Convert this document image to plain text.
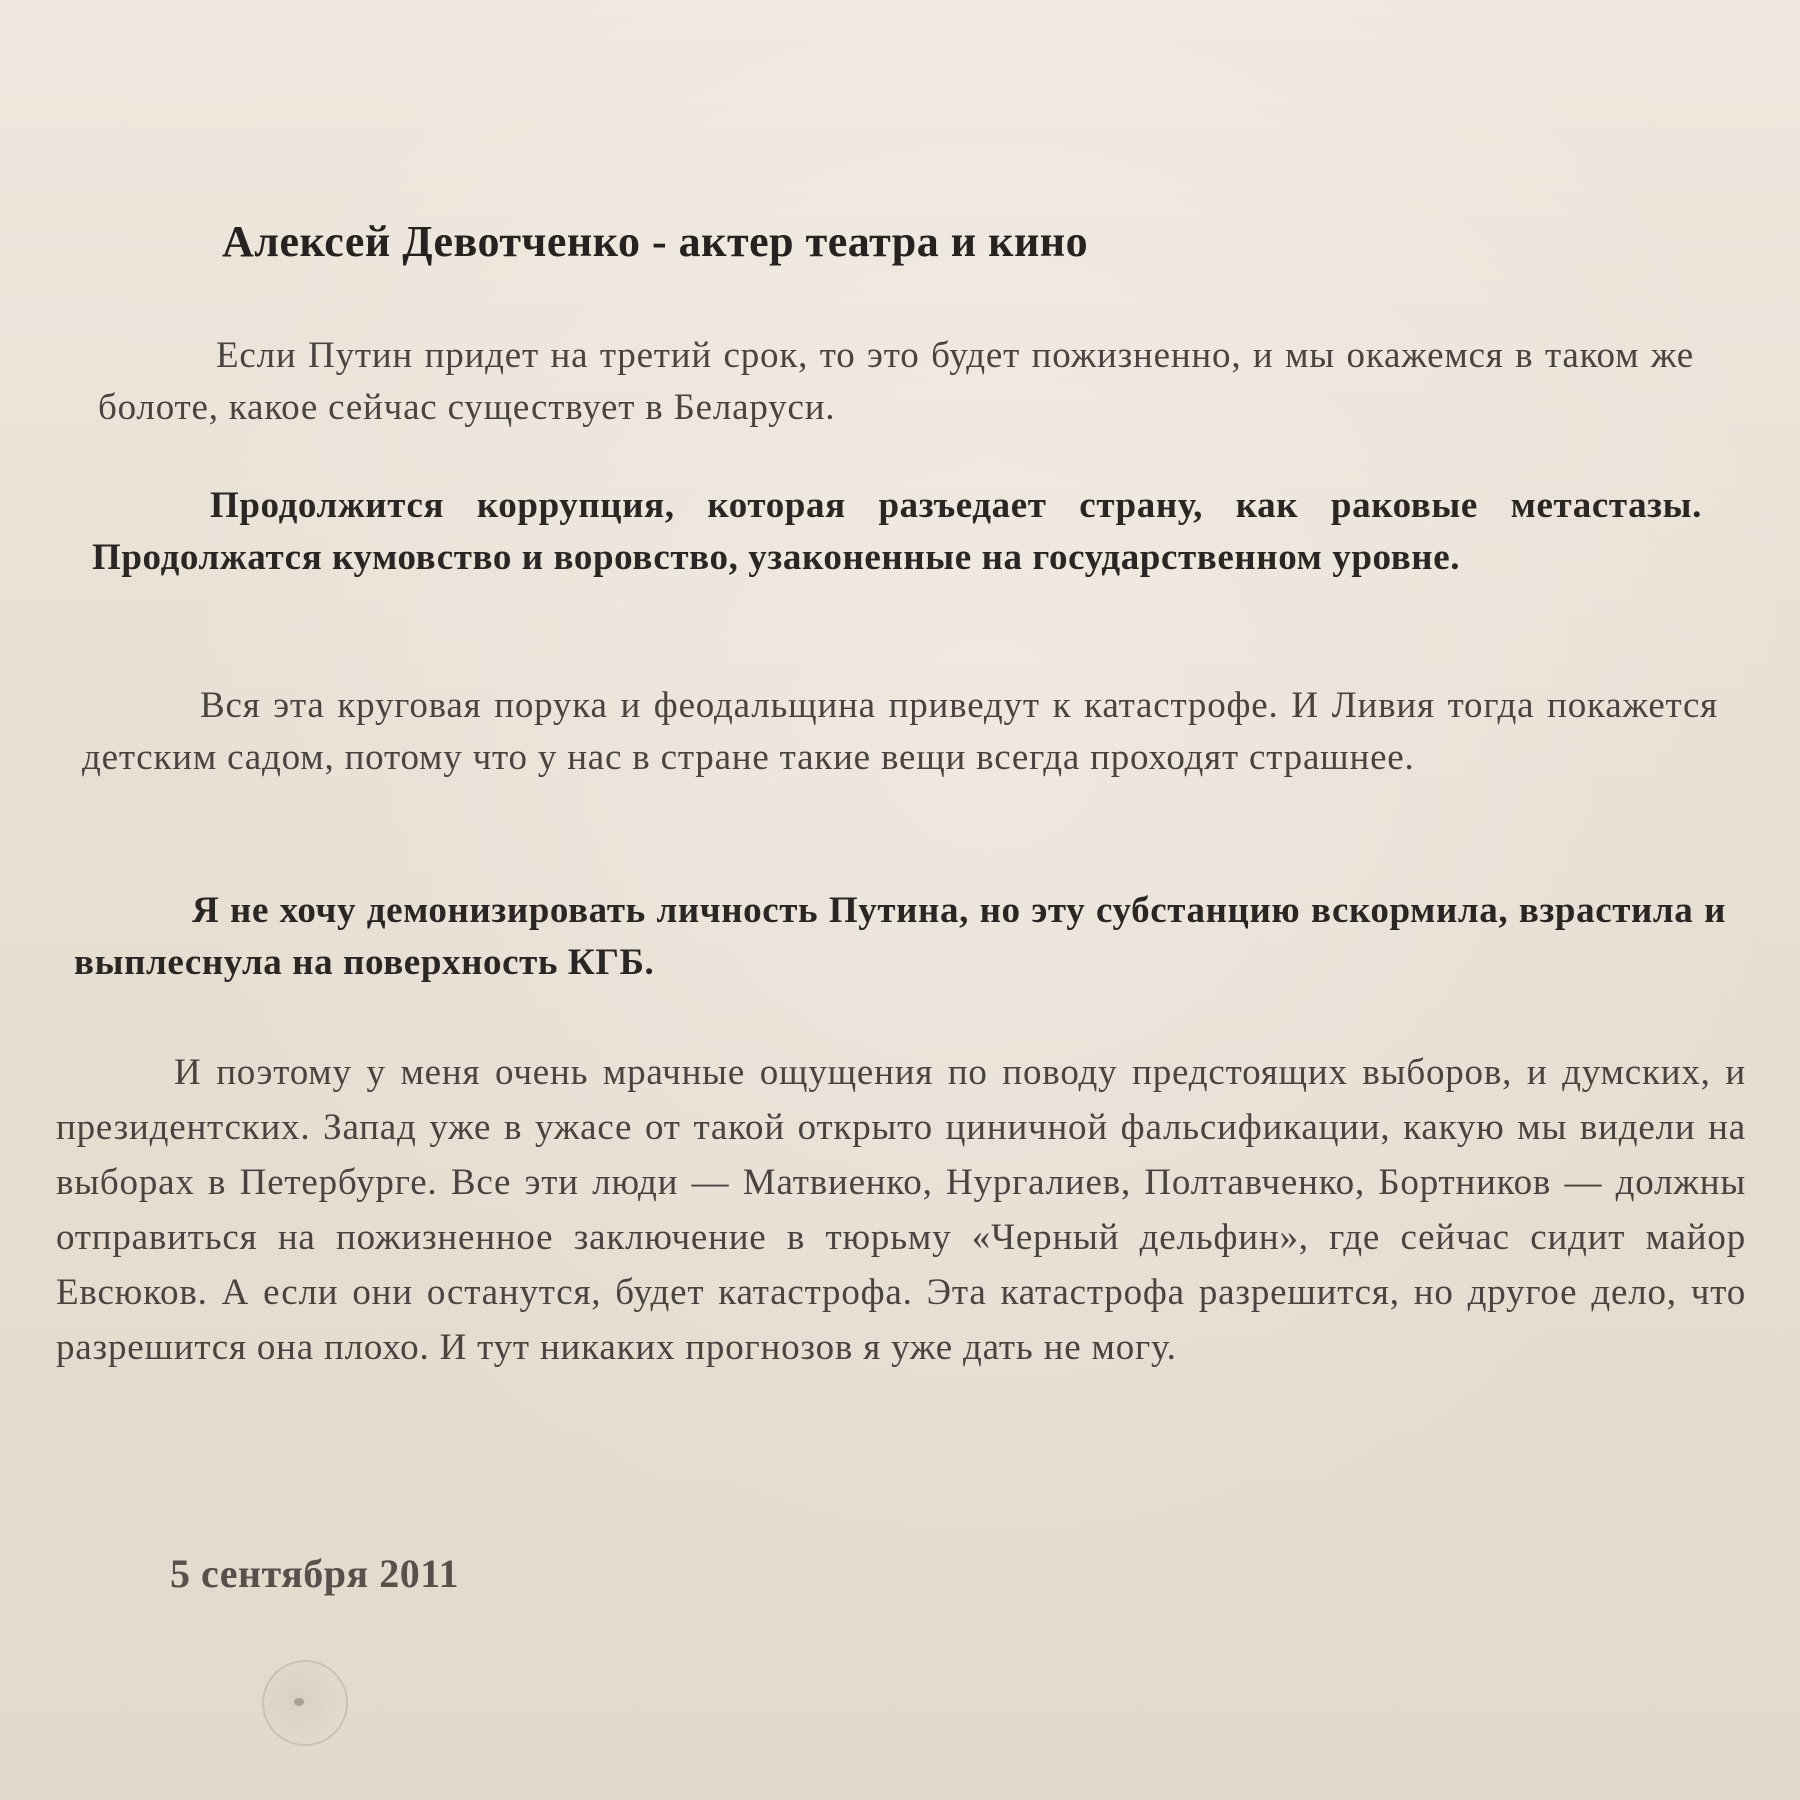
Алексей Девотченко - актер театра и кино

Если Путин придет на третий срок, то это будет пожизненно, и мы окажемся в таком же болоте, какое сейчас существует в Беларуси.

Продолжится коррупция, которая разъедает страну, как раковые метастазы. Продолжатся кумовство и воровство, узаконенные на государственном уровне.

Вся эта круговая порука и феодальщина приведут к катастрофе. И Ливия тогда покажется детским садом, потому что у нас в стране такие вещи всегда проходят страшнее.

Я не хочу демонизировать личность Путина, но эту субстанцию вскормила, взрастила и выплеснула на поверхность КГБ.

И поэтому у меня очень мрачные ощущения по поводу предстоящих выборов, и думских, и президентских. Запад уже в ужасе от такой открыто циничной фальсификации, какую мы видели на выборах в Петербурге. Все эти люди — Матвиенко, Нургалиев, Полтавченко, Бортников — должны отправиться на пожизненное заключение в тюрьму «Черный дельфин», где сейчас сидит майор Евсюков. А если они останутся, будет катастрофа. Эта катастрофа разрешится, но другое дело, что разрешится она плохо. И тут никаких прогнозов я уже дать не могу.

5 сентября 2011
